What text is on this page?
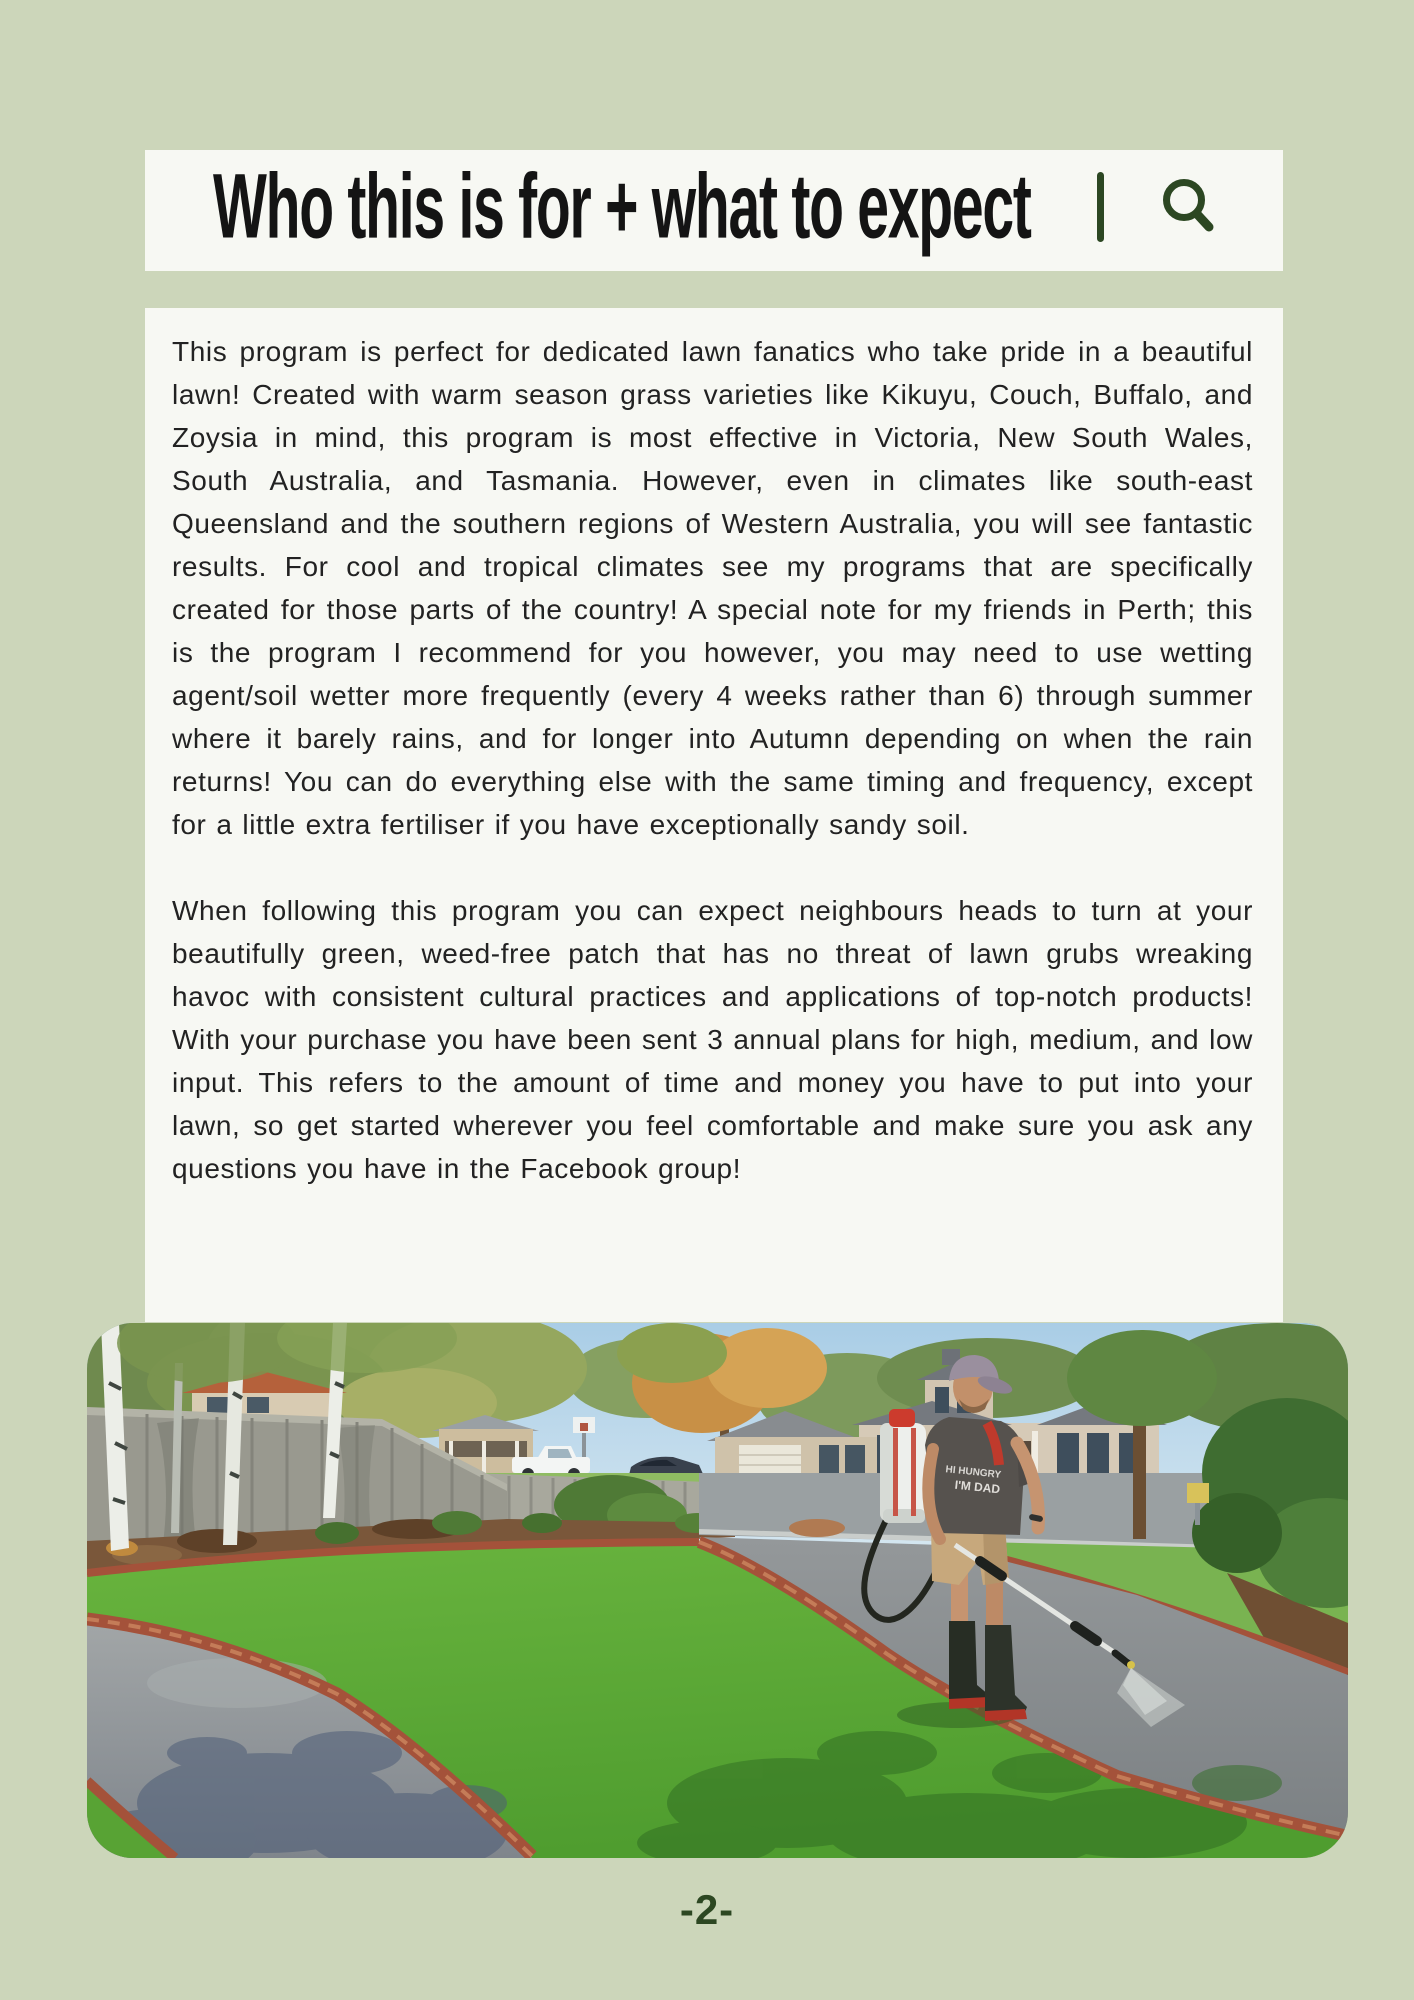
Who this is for + what to expect

This program is perfect for dedicated lawn fanatics who take pride in a beautiful lawn! Created with warm season grass varieties like Kikuyu, Couch, Buffalo, and Zoysia in mind, this program is most effective in Victoria, New South Wales, South Australia, and Tasmania. However, even in climates like south-east Queensland and the southern regions of Western Australia, you will see fantastic results. For cool and tropical climates see my programs that are specifically created for those parts of the country! A special note for my friends in Perth; this is the program I recommend for you however, you may need to use wetting agent/soil wetter more frequently (every 4 weeks rather than 6) through summer where it barely rains, and for longer into Autumn depending on when the rain returns! You can do everything else with the same timing and frequency, except for a little extra fertiliser if you have exceptionally sandy soil.

When following this program you can expect neighbours heads to turn at your beautifully green, weed-free patch that has no threat of lawn grubs wreaking havoc with consistent cultural practices and applications of top-notch products! With your purchase you have been sent 3 annual plans for high, medium, and low input. This refers to the amount of time and money you have to put into your lawn, so get started wherever you feel comfortable and make sure you ask any questions you have in the Facebook group!

HI HUNGRY
I'M DAD
-2-
